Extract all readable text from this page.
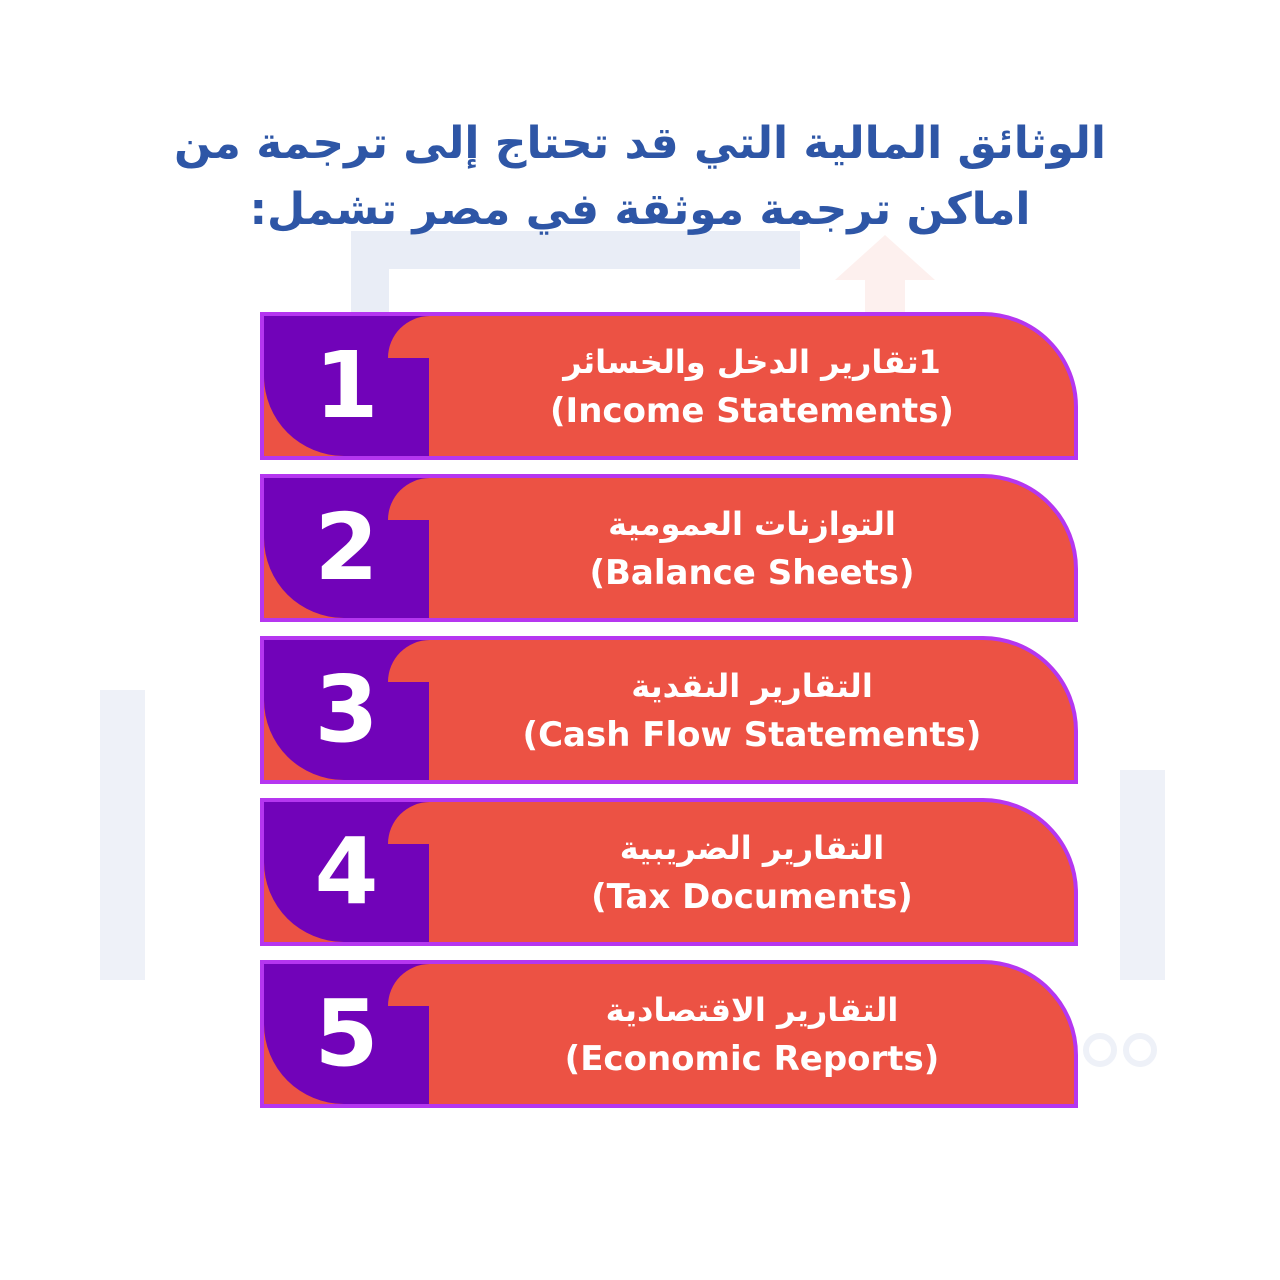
الوثائق المالية التي قد تحتاج إلى ترجمة من
اماكن ترجمة موثقة في مصر تشمل:
1	1تقارير الدخل والخسائر
(Income Statements)
2	التوازنات العمومية
(Balance Sheets)
3	التقارير النقدية
(Cash Flow Statements)
4	التقارير الضريبية
(Tax Documents)
5	التقارير الاقتصادية
(Economic Reports)
